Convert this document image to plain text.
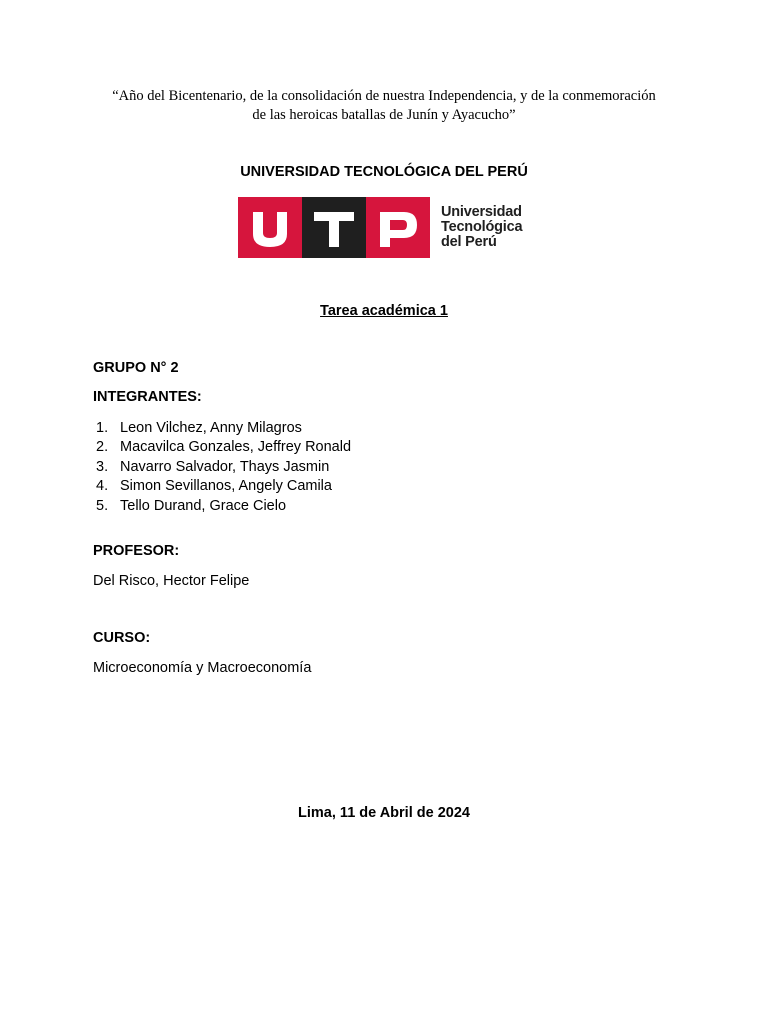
“Año del Bicentenario, de la consolidación de nuestra Independencia, y de la conmemoración
de las heroicas batallas de Junín y Ayacucho”
UNIVERSIDAD TECNOLÓGICA DEL PERÚ
Universidad
Tecnológica
del Perú
Tarea académica 1
GRUPO N° 2
INTEGRANTES:
1. Leon Vilchez, Anny Milagros
2. Macavilca Gonzales, Jeffrey Ronald
3. Navarro Salvador, Thays Jasmin
4. Simon Sevillanos, Angely Camila
5. Tello Durand, Grace Cielo
PROFESOR:
Del Risco, Hector Felipe
CURSO:
Microeconomía y Macroeconomía
Lima, 11 de Abril de 2024
